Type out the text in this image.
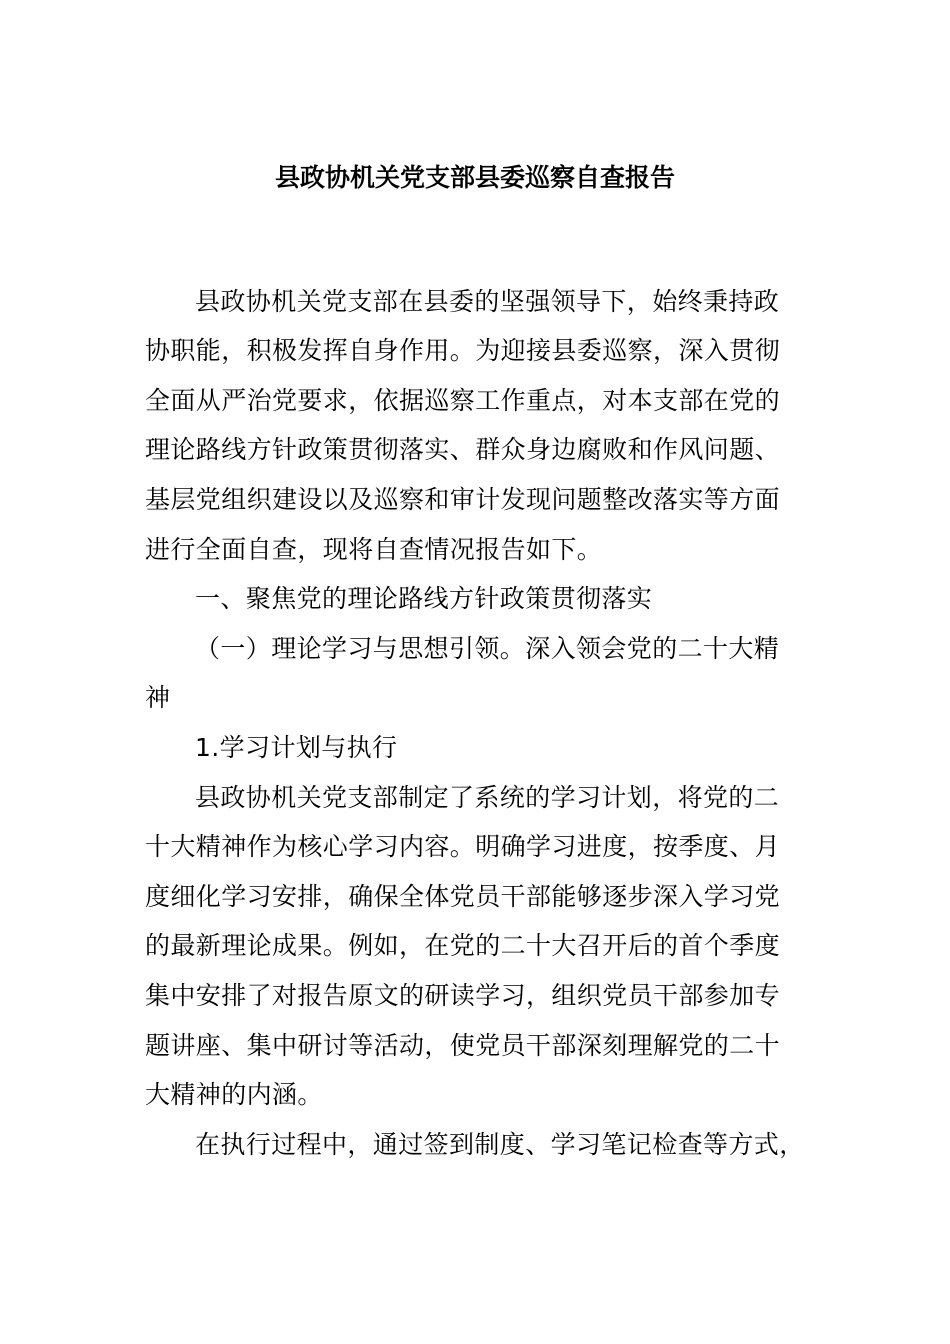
县政协机关党支部县委巡察自查报告
县政协机关党支部在县委的坚强领导下，始终秉持政
协职能，积极发挥自身作用。为迎接县委巡察，深入贯彻
全面从严治党要求，依据巡察工作重点，对本支部在党的
理论路线方针政策贯彻落实、群众身边腐败和作风问题、
基层党组织建设以及巡察和审计发现问题整改落实等方面
进行全面自查，现将自查情况报告如下。
一、聚焦党的理论路线方针政策贯彻落实
（一）理论学习与思想引领。深入领会党的二十大精
神
1.学习计划与执行
县政协机关党支部制定了系统的学习计划，将党的二
十大精神作为核心学习内容。明确学习进度，按季度、月
度细化学习安排，确保全体党员干部能够逐步深入学习党
的最新理论成果。例如，在党的二十大召开后的首个季度
集中安排了对报告原文的研读学习，组织党员干部参加专
题讲座、集中研讨等活动，使党员干部深刻理解党的二十
大精神的内涵。
在执行过程中，通过签到制度、学习笔记检查等方式，
